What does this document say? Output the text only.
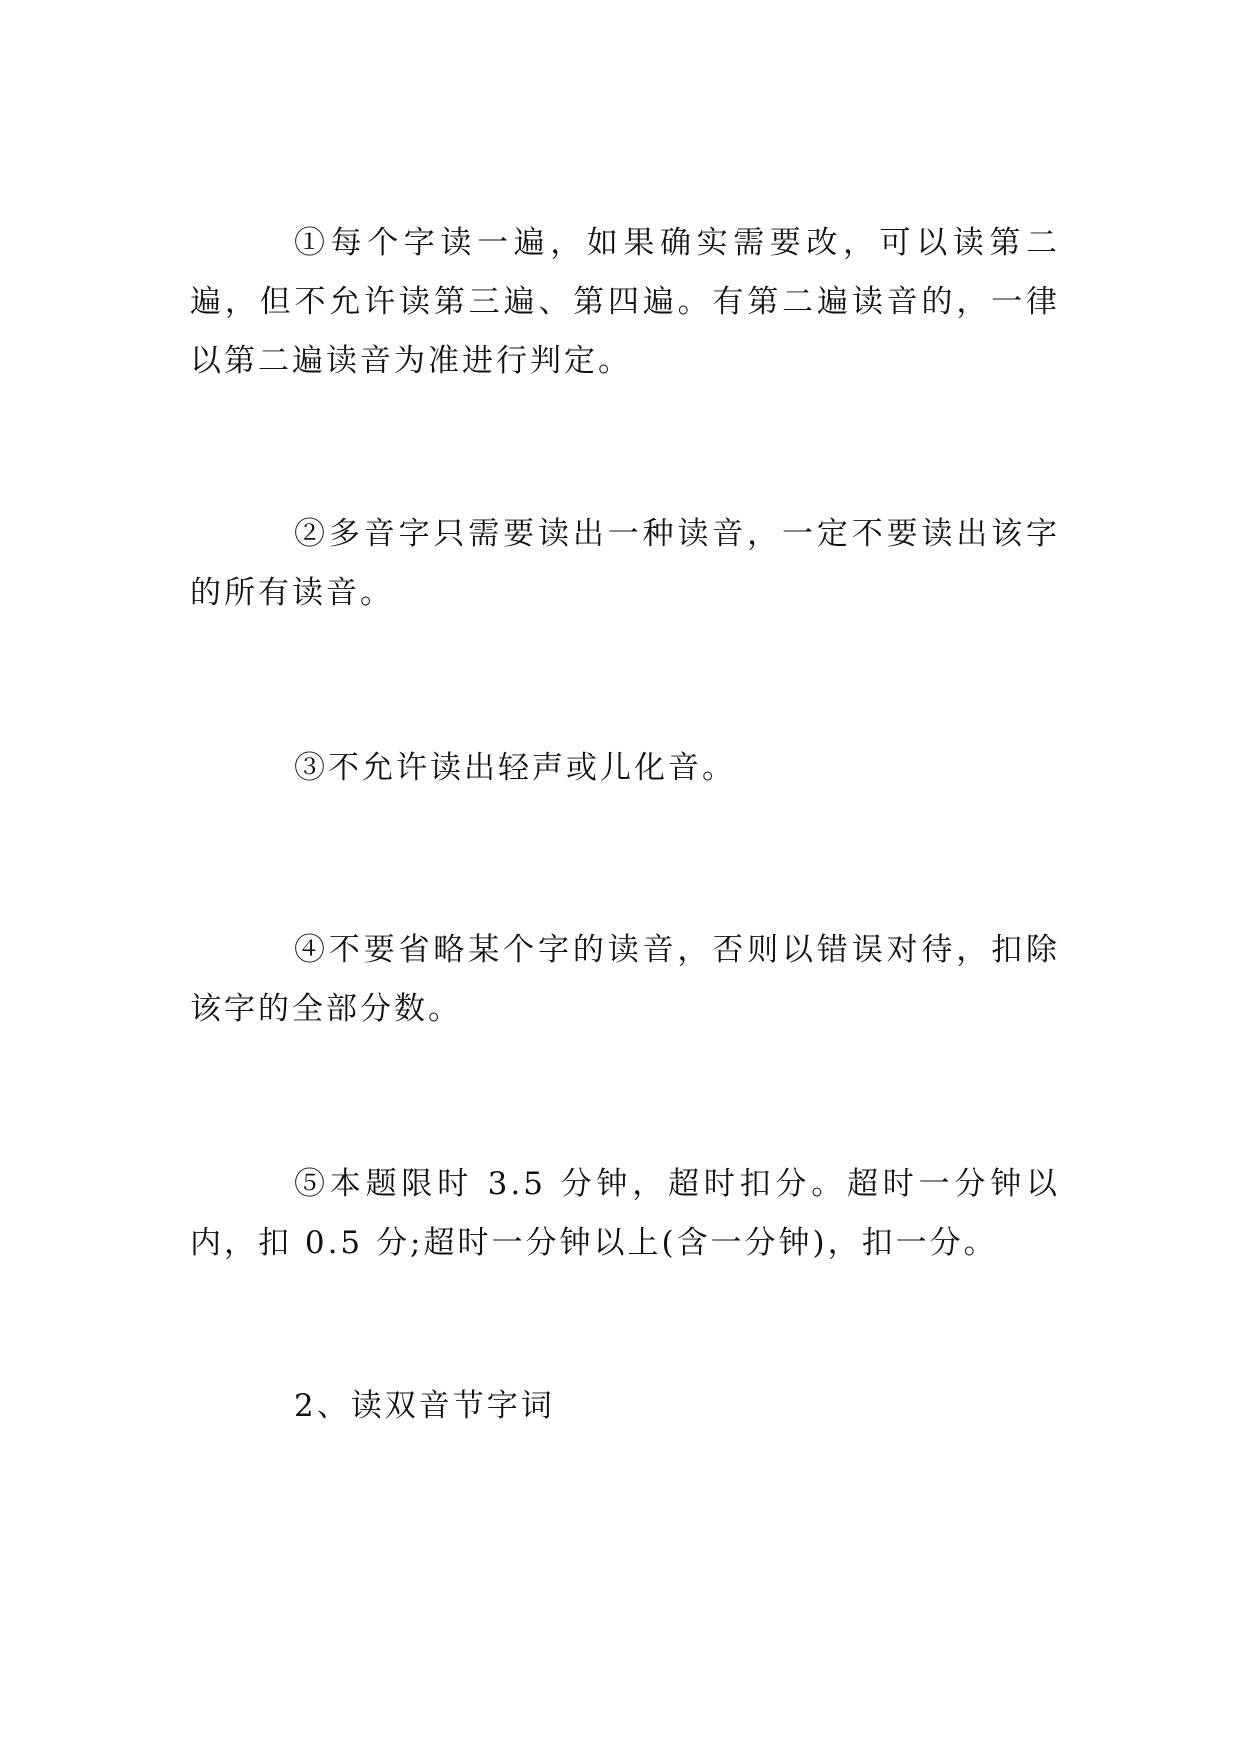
①每个字读一遍，如果确实需要改，可以读第二遍，但不允许读第三遍、第四遍。有第二遍读音的，一律以第二遍读音为准进行判定。

②多音字只需要读出一种读音，一定不要读出该字的所有读音。

③不允许读出轻声或儿化音。

④不要省略某个字的读音，否则以错误对待，扣除该字的全部分数。

⑤本题限时 3.5 分钟，超时扣分。超时一分钟以内，扣 0.5 分;超时一分钟以上(含一分钟)，扣一分。

2、读双音节字词
